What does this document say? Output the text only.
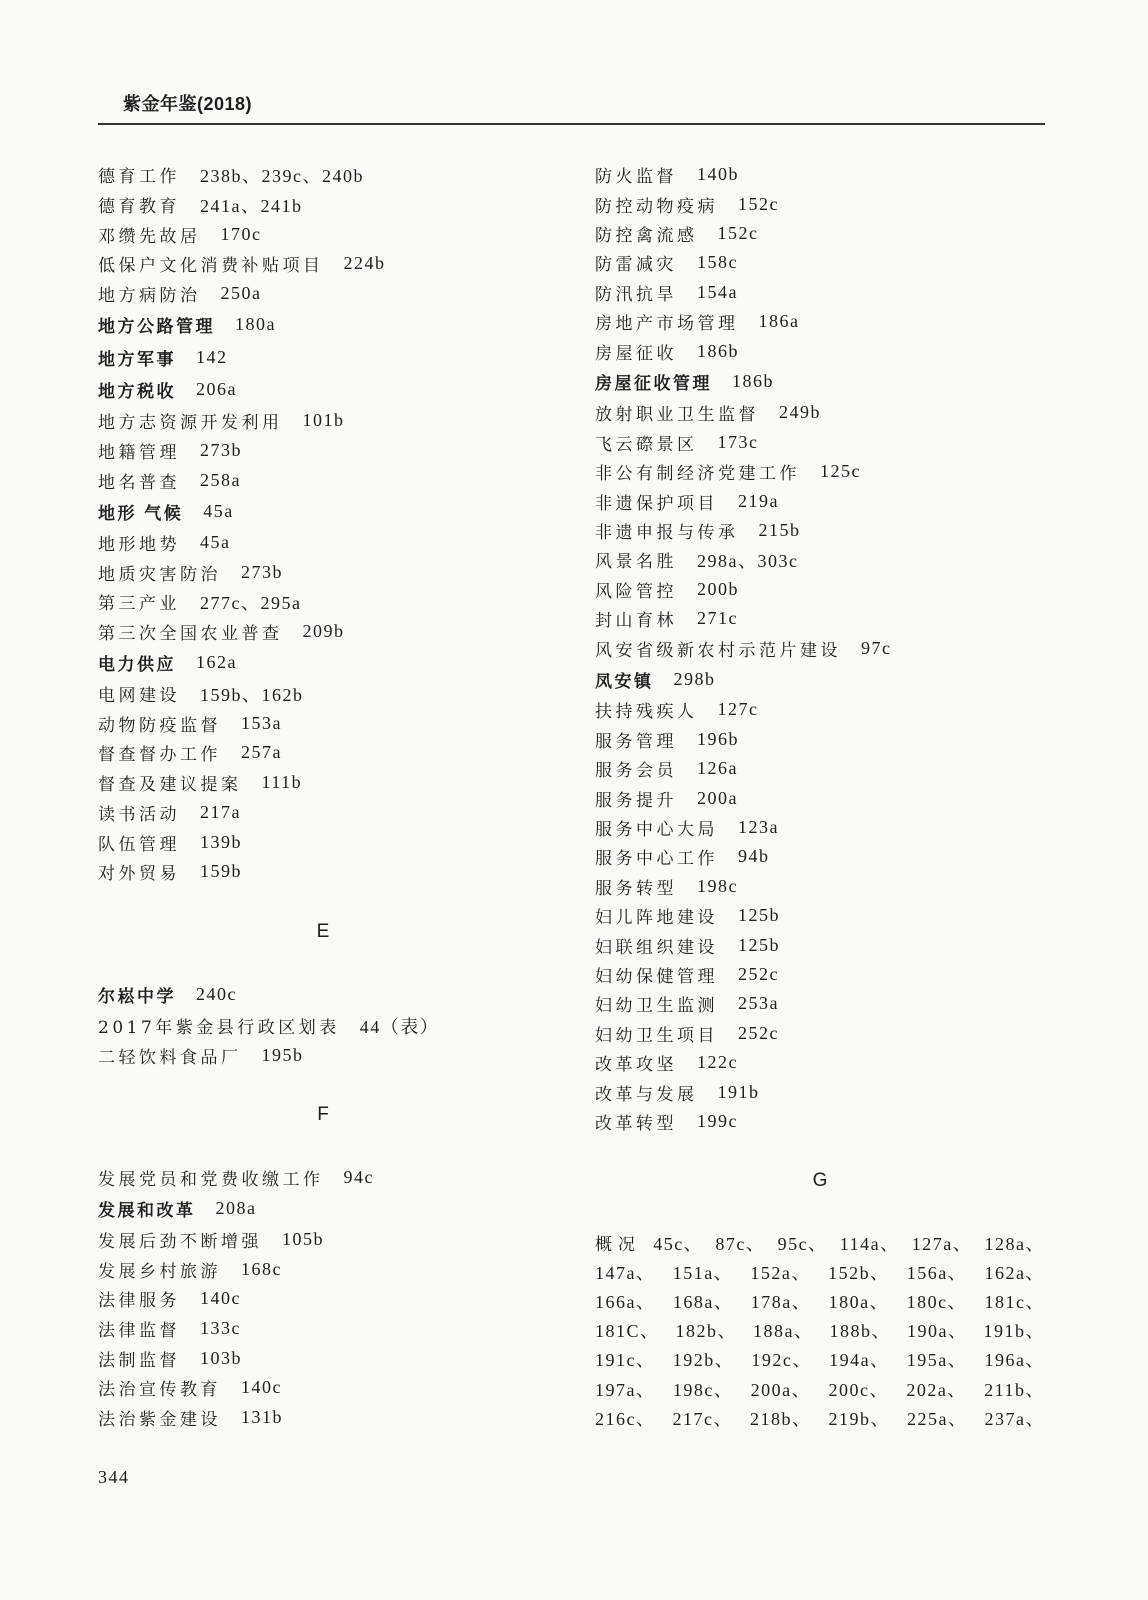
紫金年鉴(2018)
德育工作 238b、239c、240b
德育教育 241a、241b
邓缵先故居 170c
低保户文化消费补贴项目 224b
地方病防治 250a
地方公路管理 180a
地方军事 142
地方税收 206a
地方志资源开发利用 101b
地籍管理 273b
地名普查 258a
地形 气候 45a
地形地势 45a
地质灾害防治 273b
第三产业 277c、295a
第三次全国农业普查 209b
电力供应 162a
电网建设 159b、162b
动物防疫监督 153a
督查督办工作 257a
督查及建议提案 111b
读书活动 217a
队伍管理 139b
对外贸易 159b
E
尔崧中学 240c
2017年紫金县行政区划表 44（表）
二轻饮料食品厂 195b
F
发展党员和党费收缴工作 94c
发展和改革 208a
发展后劲不断增强 105b
发展乡村旅游 168c
法律服务 140c
法律监督 133c
法制监督 103b
法治宣传教育 140c
法治紫金建设 131b
防火监督 140b
防控动物疫病 152c
防控禽流感 152c
防雷减灾 158c
防汛抗旱 154a
房地产市场管理 186a
房屋征收 186b
房屋征收管理 186b
放射职业卫生监督 249b
飞云磜景区 173c
非公有制经济党建工作 125c
非遗保护项目 219a
非遗申报与传承 215b
风景名胜 298a、303c
风险管控 200b
封山育林 271c
风安省级新农村示范片建设 97c
凤安镇 298b
扶持残疾人 127c
服务管理 196b
服务会员 126a
服务提升 200a
服务中心大局 123a
服务中心工作 94b
服务转型 198c
妇儿阵地建设 125b
妇联组织建设 125b
妇幼保健管理 252c
妇幼卫生监测 253a
妇幼卫生项目 252c
改革攻坚 122c
改革与发展 191b
改革转型 199c
G
概况 45c、 87c、 95c、 114a、 127a、 128a、
147a、 151a、 152a、 152b、 156a、 162a、
166a、 168a、 178a、 180a、 180c、 181c、
181C、 182b、 188a、 188b、 190a、 191b、
191c、 192b、 192c、 194a、 195a、 196a、
197a、 198c、 200a、 200c、 202a、 211b、
216c、 217c、 218b、 219b、 225a、 237a、
344
